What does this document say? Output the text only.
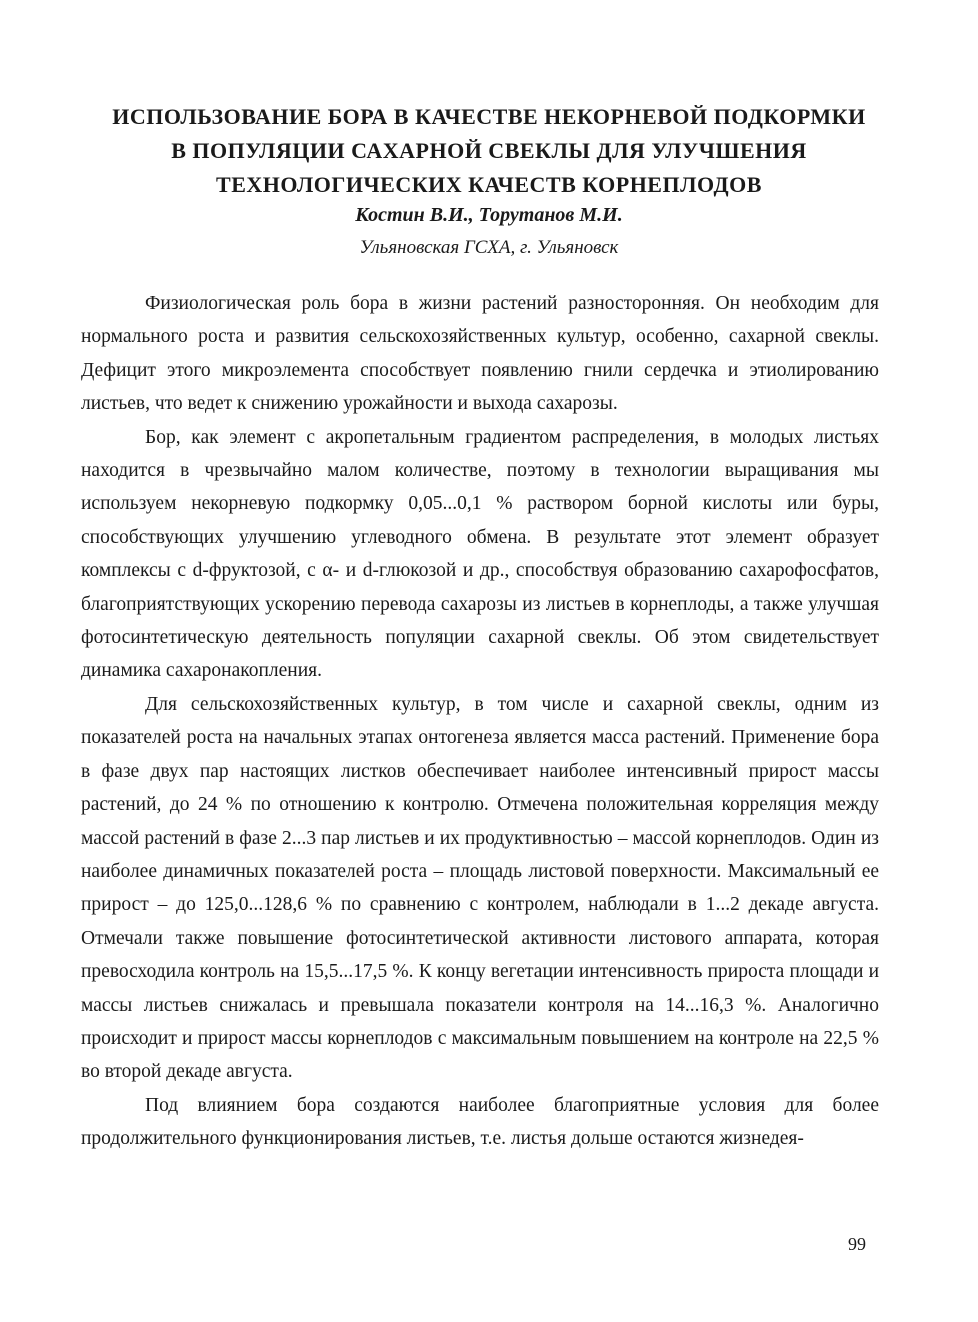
ИСПОЛЬЗОВАНИЕ БОРА В КАЧЕСТВЕ НЕКОРНЕВОЙ ПОДКОРМКИ
В ПОПУЛЯЦИИ САХАРНОЙ СВЕКЛЫ ДЛЯ УЛУЧШЕНИЯ
ТЕХНОЛОГИЧЕСКИХ КАЧЕСТВ КОРНЕПЛОДОВ
Костин В.И., Торутанов М.И.
Ульяновская ГСХА, г. Ульяновск

Физиологическая роль бора в жизни растений разносторонняя. Он необходим для нормального роста и развития сельскохозяйственных культур, особенно, сахарной свеклы. Дефицит этого микроэлемента способствует появлению гнили сердечка и этиолированию листьев, что ведет к снижению урожайности и выхода сахарозы.

Бор, как элемент с акропетальным градиентом распределения, в молодых листьях находится в чрезвычайно малом количестве, поэтому в технологии выращивания мы используем некорневую подкормку 0,05...0,1 % раствором борной кислоты или буры, способствующих улучшению углеводного обмена. В результате этот элемент образует комплексы с d-фруктозой, с α- и d-глюкозой и др., способствуя образованию сахарофосфатов, благоприятствующих ускорению перевода сахарозы из листьев в корнеплоды, а также улучшая фотосинтетическую деятельность популяции сахарной свеклы. Об этом свидетельствует динамика сахаронакопления.

Для сельскохозяйственных культур, в том числе и сахарной свеклы, одним из показателей роста на начальных этапах онтогенеза является масса растений. Применение бора в фазе двух пар настоящих листков обеспечивает наиболее интенсивный прирост массы растений, до 24 % по отношению к контролю. Отмечена положительная корреляция между массой растений в фазе 2...3 пар листьев и их продуктивностью – массой корнеплодов. Один из наиболее динамичных показателей роста – площадь листовой поверхности. Максимальный ее прирост – до 125,0...128,6 % по сравнению с контролем, наблюдали в 1...2 декаде августа. Отмечали также повышение фотосинтетической активности листового аппарата, которая превосходила контроль на 15,5...17,5 %. К концу вегетации интенсивность прироста площади и массы листьев снижалась и превышала показатели контроля на 14...16,3 %. Аналогично происходит и прирост массы корнеплодов с максимальным повышением на контроле на 22,5 % во второй декаде августа.

Под влиянием бора создаются наиболее благоприятные условия для более продолжительного функционирования листьев, т.е. листья дольше остаются жизнедея-

99
